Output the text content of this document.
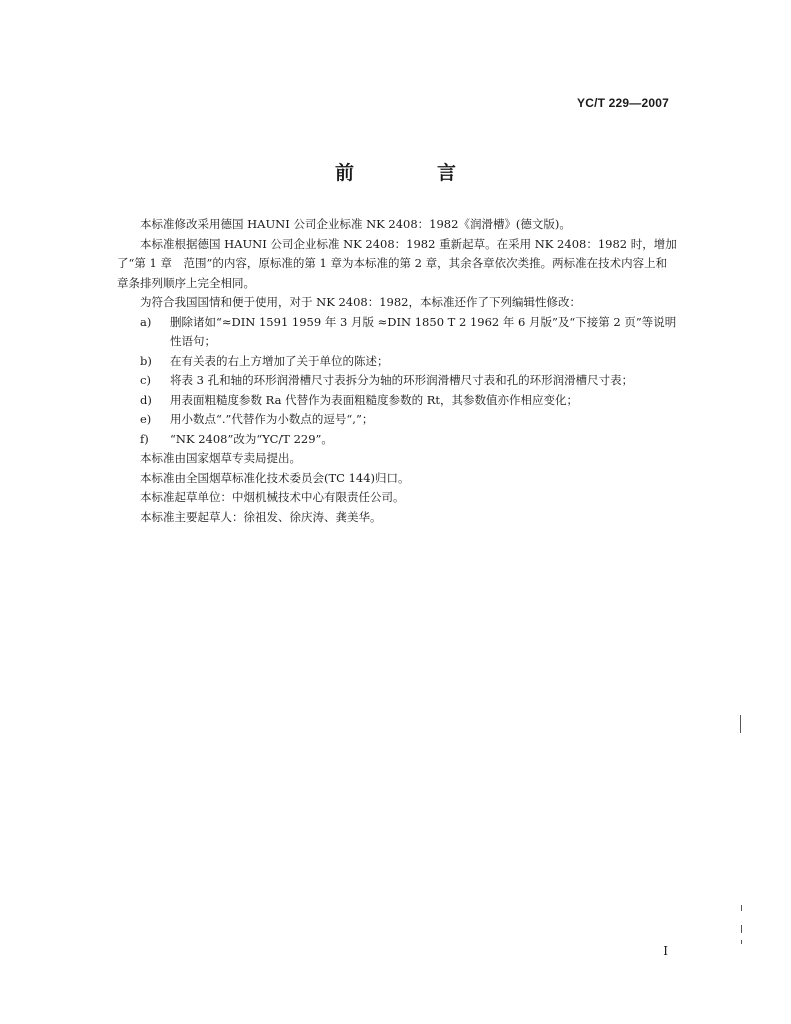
YC/T 229—2007
前　言

本标准修改采用德国 HAUNI 公司企业标准 NK 2408：1982《润滑槽》(德文版)。

本标准根据德国 HAUNI 公司企业标准 NK 2408：1982 重新起草。在采用 NK 2408：1982 时，增加了“第 1 章　范围”的内容，原标准的第 1 章为本标准的第 2 章，其余各章依次类推。两标准在技术内容上和章条排列顺序上完全相同。

为符合我国国情和便于使用，对于 NK 2408：1982，本标准还作了下列编辑性修改：

a)	删除诸如“≈DIN 1591 1959 年 3 月版 ≈DIN 1850 T 2 1962 年 6 月版”及“下接第 2 页”等说明性语句；
b)	在有关表的右上方增加了关于单位的陈述；
c)	将表 3 孔和轴的环形润滑槽尺寸表拆分为轴的环形润滑槽尺寸表和孔的环形润滑槽尺寸表；
d)	用表面粗糙度参数 Ra 代替作为表面粗糙度参数的 Rt，其参数值亦作相应变化；
e)	用小数点“.”代替作为小数点的逗号“,”；
f)	“NK 2408”改为“YC/T 229”。

本标准由国家烟草专卖局提出。

本标准由全国烟草标准化技术委员会(TC 144)归口。

本标准起草单位：中烟机械技术中心有限责任公司。

本标准主要起草人：徐祖发、徐庆涛、龚美华。

I
